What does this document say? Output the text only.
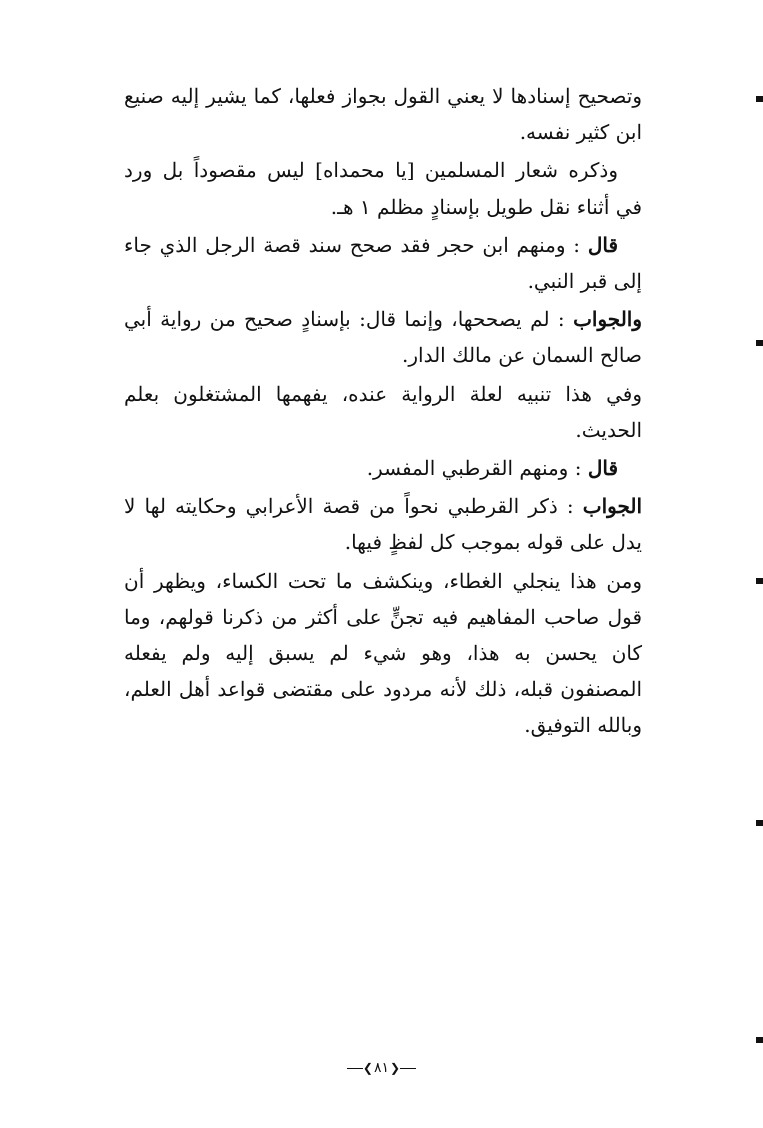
وتصحيح إسنادها لا يعني القول بجواز فعلها، كما يشير إليه صنيع ابن كثير نفسه.

وذكره شعار المسلمين [يا محمداه] ليس مقصوداً بل ورد في أثناء نقل طويل بإسنادٍ مظلم ١ هـ.

قال : ومنهم ابن حجر فقد صحح سند قصة الرجل الذي جاء إلى قبر النبي.

والجواب : لم يصححها، وإنما قال: بإسنادٍ صحيح من رواية أبي صالح السمان عن مالك الدار.

وفي هذا تنبيه لعلة الرواية عنده، يفهمها المشتغلون بعلم الحديث.

قال : ومنهم القرطبي المفسر.

الجواب : ذكر القرطبي نحواً من قصة الأعرابي وحكايته لها لا يدل على قوله بموجب كل لفظٍ فيها.

ومن هذا ينجلي الغطاء، وينكشف ما تحت الكساء، ويظهر أن قول صاحب المفاهيم فيه تجنٍّ على أكثر من ذكرنا قولهم، وما كان يحسن به هذا، وهو شيء لم يسبق إليه ولم يفعله المصنفون قبله، ذلك لأنه مردود على مقتضى قواعد أهل العلم، وبالله التوفيق.

❮٨١❯
